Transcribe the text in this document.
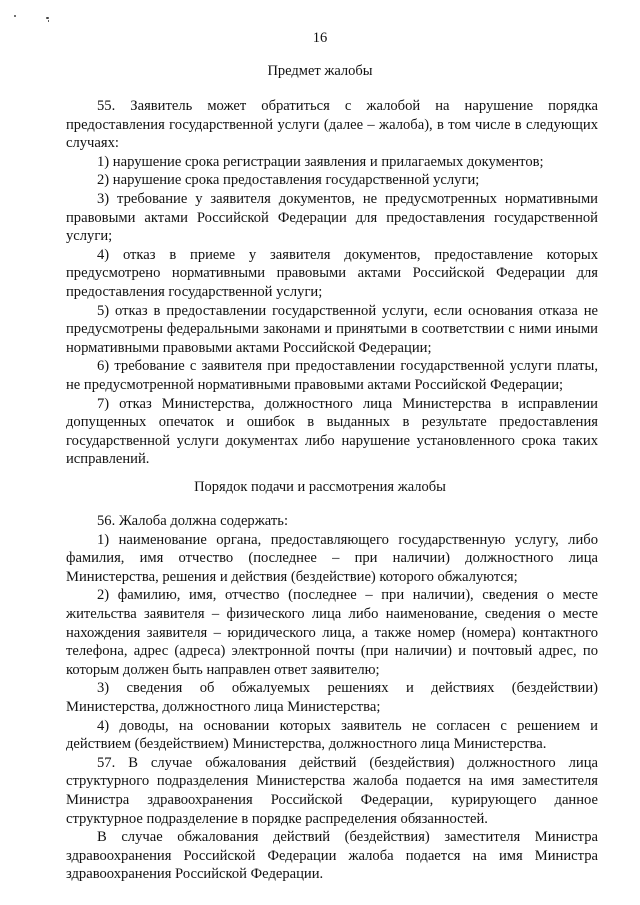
16
Предмет жалобы

55. Заявитель может обратиться с жалобой на нарушение порядка предоставления государственной услуги (далее – жалоба), в том числе в следующих случаях:

1) нарушение срока регистрации заявления и прилагаемых документов;

2) нарушение срока предоставления государственной услуги;

3) требование у заявителя документов, не предусмотренных нормативными правовыми актами Российской Федерации для предоставления государственной услуги;

4) отказ в приеме у заявителя документов, предоставление которых предусмотрено нормативными правовыми актами Российской Федерации для предоставления государственной услуги;

5) отказ в предоставлении государственной услуги, если основания отказа не предусмотрены федеральными законами и принятыми в соответствии с ними иными нормативными правовыми актами Российской Федерации;

6) требование с заявителя при предоставлении государственной услуги платы, не предусмотренной нормативными правовыми актами Российской Федерации;

7) отказ Министерства, должностного лица Министерства в исправлении допущенных опечаток и ошибок в выданных в результате предоставления государственной услуги документах либо нарушение установленного срока таких исправлений.

Порядок подачи и рассмотрения жалобы

56. Жалоба должна содержать:

1) наименование органа, предоставляющего государственную услугу, либо фамилия, имя отчество (последнее – при наличии) должностного лица Министерства, решения и действия (бездействие) которого обжалуются;

2) фамилию, имя, отчество (последнее – при наличии), сведения о месте жительства заявителя – физического лица либо наименование, сведения о месте нахождения заявителя – юридического лица, а также номер (номера) контактного телефона, адрес (адреса) электронной почты (при наличии) и почтовый адрес, по которым должен быть направлен ответ заявителю;

3) сведения об обжалуемых решениях и действиях (бездействии) Министерства, должностного лица Министерства;

4) доводы, на основании которых заявитель не согласен с решением и действием (бездействием) Министерства, должностного лица Министерства.

57. В случае обжалования действий (бездействия) должностного лица структурного подразделения Министерства жалоба подается на имя заместителя Министра здравоохранения Российской Федерации, курирующего данное структурное подразделение в порядке распределения обязанностей.

В случае обжалования действий (бездействия) заместителя Министра здравоохранения Российской Федерации жалоба подается на имя Министра здравоохранения Российской Федерации.
